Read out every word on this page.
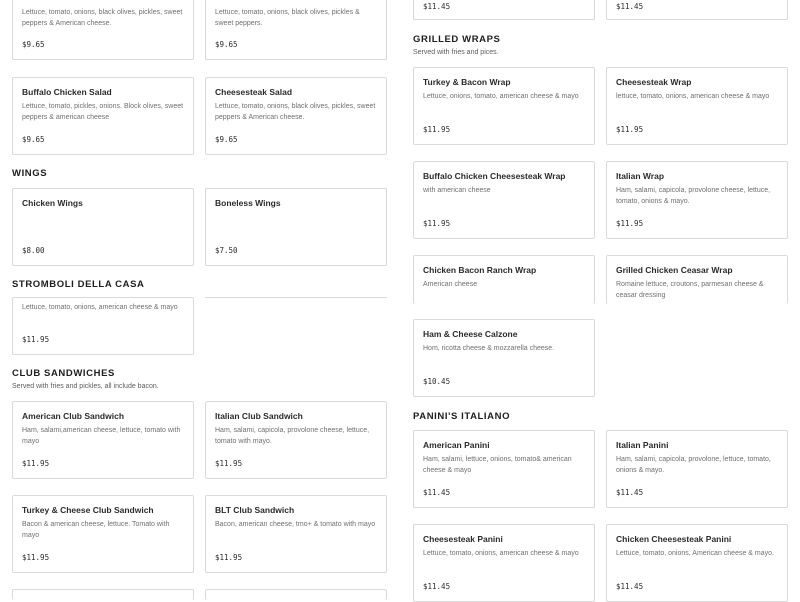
Lettuce, tomato, onions, black olives, pickles, sweet peppers & American cheese.
$9.65
Lettuce, tomato, onions, black olives, pickles & sweet peppers.
$9.65
Buffalo Chicken Salad
Lettuce, tomato, pickles, onions. Block olives, sweet peppers & american cheese
$9.65
Cheesesteak Salad
Lettuce, tomato, onions, black olives, pickles, sweet peppers & American cheese.
$9.65
WINGS
Chicken Wings
$8.00
Boneless Wings
$7.50
STROMBOLI DELLA CASA
Lettuce, tomato, onions, american cheese & mayo
$11.95
CLUB SANDWICHES
Served with fries and pickles, all include bacon.
American Club Sandwich
Ham, salami,american cheese, lettuce, tomato with mayo
$11.95
Italian Club Sandwich
Ham, salami, capicola, provolone cheese, lettuce, tomato with mayo.
$11.95
Turkey & Cheese Club Sandwich
Bacon & american cheese, lettuce. Tomato with mayo
$11.95
BLT Club Sandwich
Bacon, american cheese, tmo+ & tomato with mayo
$11.95
$11.45	$11.45
GRILLED WRAPS
Served with fries and pices.
Turkey & Bacon Wrap
Lettuce, onions, tomato, american cheese & mayo
$11.95
Cheesesteak Wrap
lettuce, tomato, onions, american cheese & mayo
$11.95
Buffalo Chicken Cheesesteak Wrap
with american cheese
$11.95
Italian Wrap
Ham, salami, capicola, provolone cheese, lettuce, tomato, onions & mayo.
$11.95
Chicken Bacon Ranch Wrap
American cheese
Grilled Chicken Ceasar Wrap
Romaine lettuce, croutons, parmesan cheese & ceasar dressing
Ham & Cheese Calzone
Hom, ricotta cheese & mozzarella cheese.
$10.45
PANINI'S ITALIANO
American Panini
Ham, salami, lettuce, onions, tomato& american cheese & mayo
$11.45
Italian Panini
Ham, salami, capicola, provolone, lettuce, tomato, onions & mayo.
$11.45
Cheesesteak Panini
Lettuce, tomato, onions, american cheese & mayo
$11.45
Chicken Cheesesteak Panini
Lettuce, tomato, onions, American cheese & mayo.
$11.45
